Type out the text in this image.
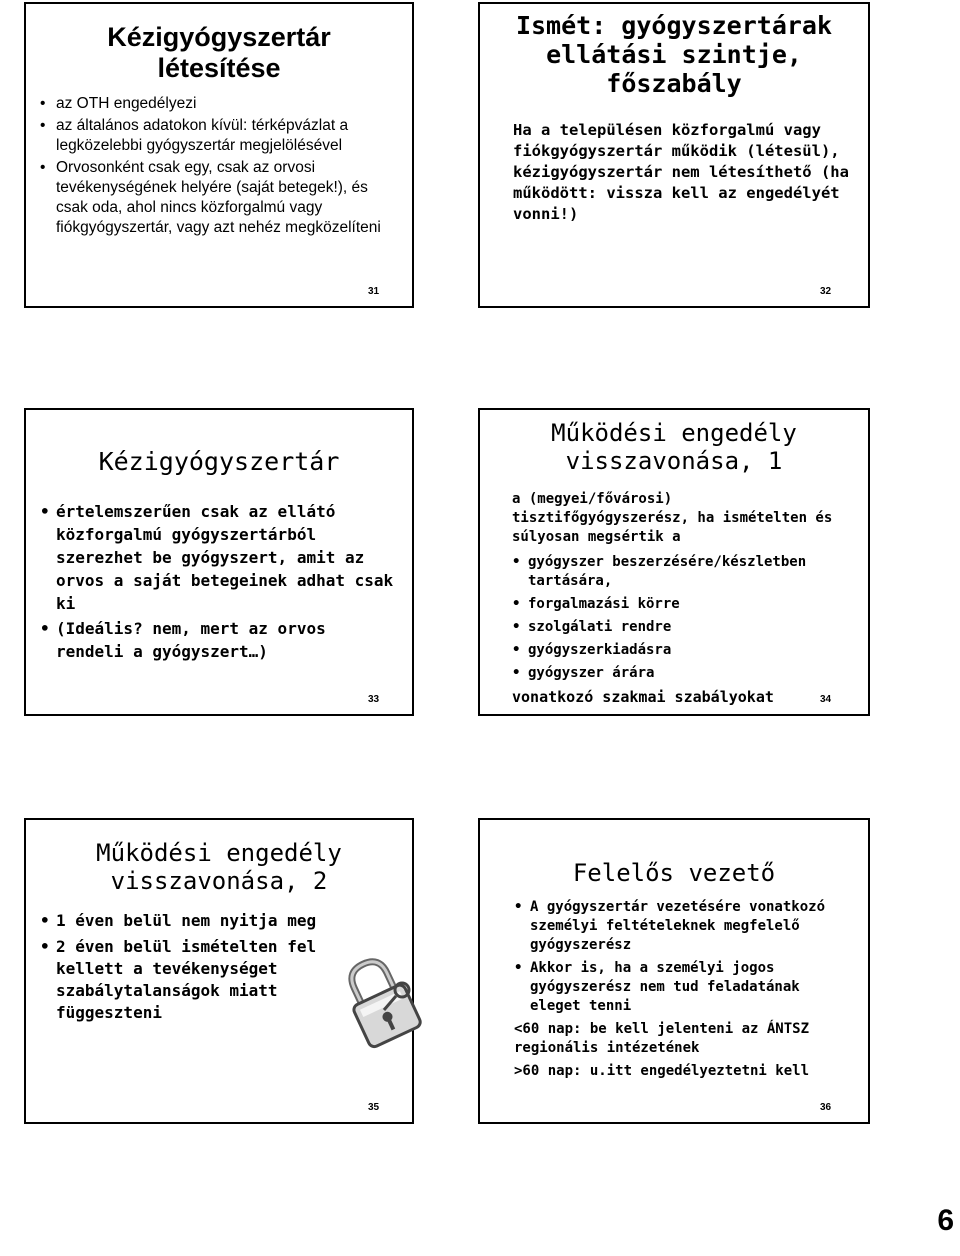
Kézigyógyszertár létesítése
• az OTH engedélyezi
• az általános adatokon kívül: térképvázlat a legközelebbi gyógyszertár megjelölésével
• Orvosonként csak egy, csak az orvosi tevékenységének helyére (saját betegek!), és csak oda, ahol nincs közforgalmú vagy fiókgyógyszertár, vagy azt nehéz megközelíteni
31
Ismét: gyógyszertárak ellátási szintje, főszabály
Ha a településen közforgalmú vagy fiókgyógyszertár működik (létesül), kézigyógyszertár nem létesíthető (ha működött: vissza kell az engedélyét vonni!)
32
Kézigyógyszertár
• értelemszerűen csak az ellátó közforgalmú gyógyszertárból szerezhet be gyógyszert, amit az orvos a saját betegeinek adhat csak ki
• (Ideális? nem, mert az orvos rendeli a gyógyszert…)
33
Működési engedély visszavonása, 1
a (megyei/fővárosi) tisztifőgyógyszerész, ha ismételten és súlyosan megsértik a
• gyógyszer beszerzésére/készletben tartására,
• forgalmazási körre
• szolgálati rendre
• gyógyszerkiadásra
• gyógyszer árára
vonatkozó szakmai szabályokat	34
Működési engedély visszavonása, 2
• 1 éven belül nem nyitja meg
• 2 éven belül ismételten fel kellett a tevékenységet szabálytalanságok miatt függeszteni
35
Felelős vezető
• A gyógyszertár vezetésére vonatkozó személyi feltételeknek megfelelő gyógyszerész
• Akkor is, ha a személyi jogos gyógyszerész nem tud feladatának eleget tenni
<60 nap: be kell jelenteni az ÁNTSZ regionális intézetének
>60 nap: u.itt engedélyeztetni kell
36
6
